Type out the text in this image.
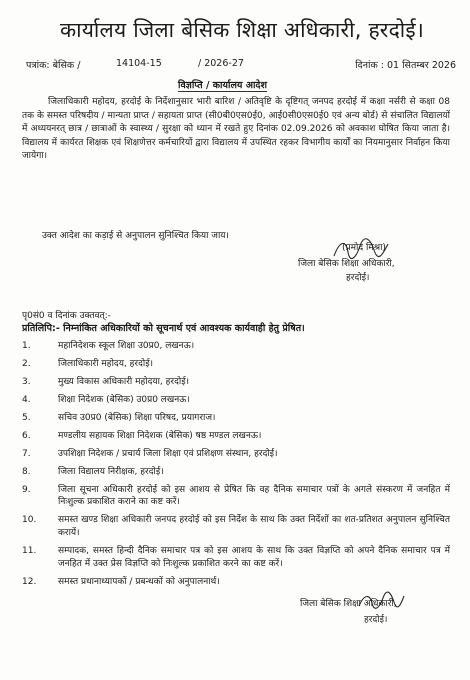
कार्यालय जिला बेसिक शिक्षा अधिकारी, हरदोई।
पत्रांक: बेसिक /	14104-15	/ 2026-27	दिनांक : 01 सितम्बर 2026
विज्ञप्ति / कार्यालय आदेश
जिलाधिकारी महोदय, हरदोई के निर्देशानुसार भारी बारिश / अतिवृष्टि के दृष्टिगत् जनपद हरदोई में कक्षा नर्सरी से कक्षा 08 तक के समस्त परिषदीय / मान्यता प्राप्त / सहायता प्राप्त (सी0बी0एस0ई0, आई0सी0एस0ई0 एवं अन्य बोर्ड) से संचालित विद्यालयों में अध्ययनरत् छात्र / छात्राओं के स्वास्थ्य / सुरक्षा को ध्यान में रखते हुए दिनांक 02.09.2026 को अवकाश घोषित किया जाता है। विद्यालय में कार्यरत शिक्षक एवं शिक्षणेत्तर कर्मचारियों द्वारा विद्यालय में उपस्थित रहकर विभागीय कार्यों का नियमानुसार निर्वाहन किया जायेगा।
उक्त आदेश का कड़ाई से अनुपालन सुनिश्चित किया जाय।
(प्रमोद मिश्रा)
जिला बेसिक शिक्षा अधिकारी,
हरदोई।
पृ0सं0 व दिनांक उक्तवत्:-
प्रतिलिपि:- निम्नांकित अधिकारियों को सूचनार्थ एवं आवश्यक कार्यवाही हेतु प्रेषित।
1.	महानिदेशक स्कूल शिक्षा उ0प्र0, लखनऊ।
2.	जिलाधिकारी महोदय, हरदोई।
3.	मुख्य विकास अधिकारी महोदया, हरदोई।
4.	शिक्षा निदेशक (बेसिक) उ0प्र0 लखनऊ।
5.	सचिव उ0प्र0 (बेसिक) शिक्षा परिषद, प्रयागराज।
6.	मण्डलीय सहायक शिक्षा निदेशक (बेसिक) षष्ठ मण्डल लखनऊ।
7.	उपशिक्षा निदेशक / प्रचार्य जिला शिक्षा एवं प्रशिक्षण संस्थान, हरदोई।
8.	जिला विद्यालय निरीक्षक, हरदोई।
9.	जिला सूचना अधिकारी हरदोई को इस आशय से प्रेषित कि वह दैनिक समाचार पत्रों के अगले संस्करण में जनहित में निःशुल्क प्रकाशित कराने का कष्ट करें।
10. समस्त खण्ड शिक्षा अधिकारी जनपद हरदोई को इस निर्देश के साथ कि उक्त निर्देशों का शत-प्रतिशत अनुपालन सुनिश्चित करायें।
11. सम्पादक, समस्त हिन्दी दैनिक समाचार पत्र को इस आशय के साथ कि उक्त विज्ञप्ति को अपने दैनिक समाचार पत्र में जनहित में उक्त प्रेस विज्ञप्ति को निःशुल्क प्रकाशित करने का कष्ट करें।
12. समस्त प्रधानाध्यापकों / प्रबन्धकों को अनुपालनार्थ।
जिला बेसिक शिक्षा अधिकारी,
हरदोई।
